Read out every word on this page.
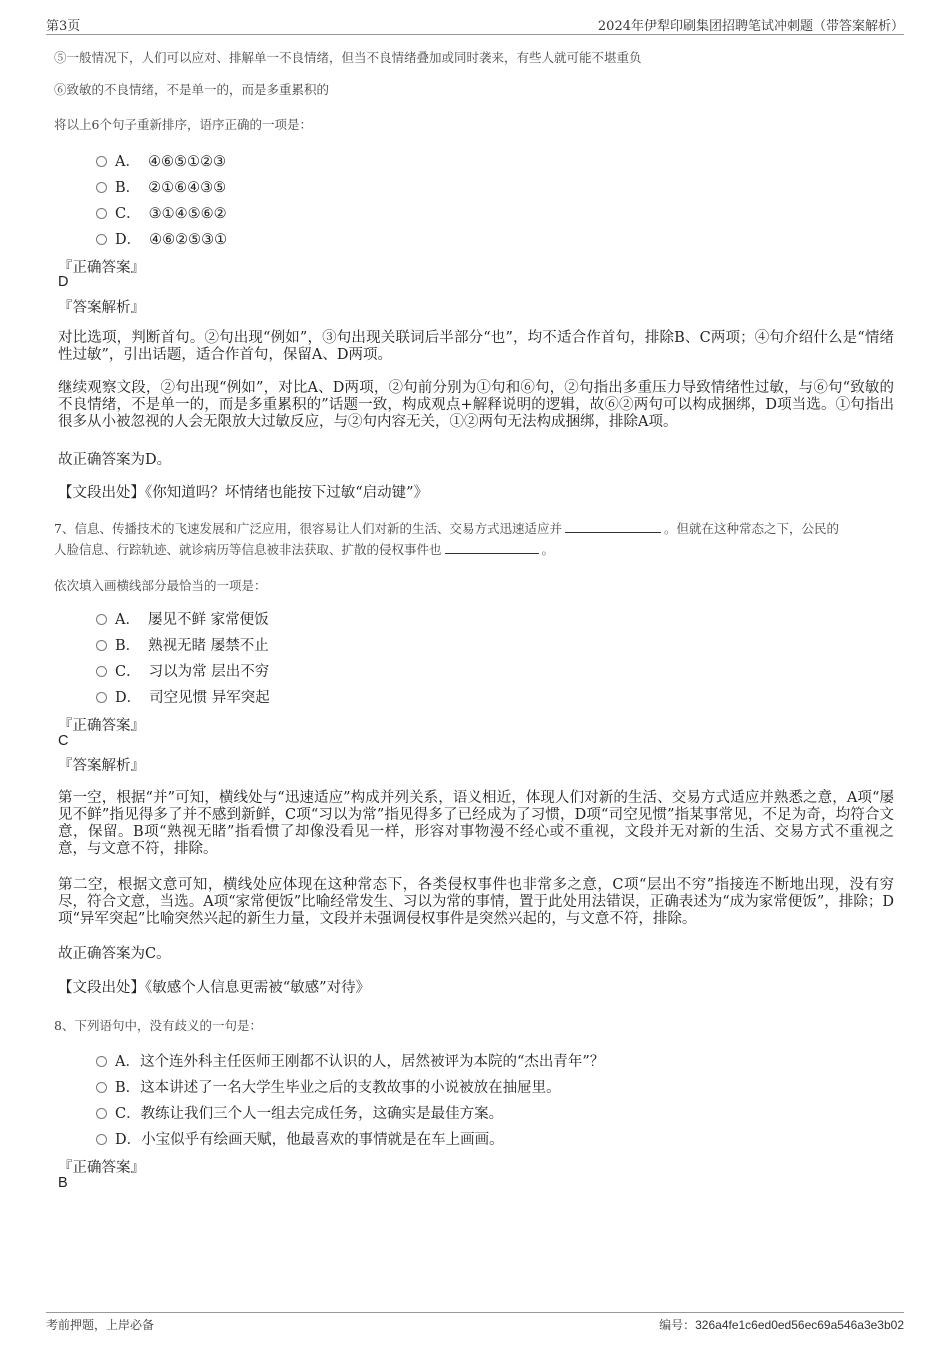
第3页	2024年伊犁印刷集团招聘笔试冲刺题（带答案解析）
⑤一般情况下，人们可以应对、排解单一不良情绪，但当不良情绪叠加或同时袭来，有些人就可能不堪重负
⑥致敏的不良情绪，不是单一的，而是多重累积的
将以上6个句子重新排序，语序正确的一项是：
A． ④⑥⑤①②③
B． ②①⑥④③⑤
C． ③①④⑤⑥②
D． ④⑥②⑤③①
『正确答案』
D
『答案解析』
对比选项，判断首句。②句出现“例如”，③句出现关联词后半部分“也”，均不适合作首句，排除B、C两项；④句介绍什么是“情绪性过敏”，引出话题，适合作首句，保留A、D两项。
继续观察文段，②句出现“例如”，对比A、D两项，②句前分别为①句和⑥句，②句指出多重压力导致情绪性过敏，与⑥句“致敏的不良情绪，不是单一的，而是多重累积的”话题一致，构成观点+解释说明的逻辑，故⑥②两句可以构成捆绑，D项当选。①句指出很多从小被忽视的人会无限放大过敏反应，与②句内容无关，①②两句无法构成捆绑，排除A项。
故正确答案为D。
【文段出处】《你知道吗？坏情绪也能按下过敏“启动键”》
7、信息、传播技术的飞速发展和广泛应用，很容易让人们对新的生活、交易方式迅速适应并	。但就在这种常态之下，公民的
人脸信息、行踪轨迹、就诊病历等信息被非法获取、扩散的侵权事件也	。
依次填入画横线部分最恰当的一项是：
A． 屡见不鲜 家常便饭
B． 熟视无睹 屡禁不止
C． 习以为常 层出不穷
D． 司空见惯 异军突起
『正确答案』
C
『答案解析』
第一空，根据“并”可知，横线处与“迅速适应”构成并列关系，语义相近，体现人们对新的生活、交易方式适应并熟悉之意，A项“屡见不鲜”指见得多了并不感到新鲜，C项“习以为常”指见得多了已经成为了习惯，D项“司空见惯”指某事常见，不足为奇，均符合文意，保留。B项“熟视无睹”指看惯了却像没看见一样，形容对事物漫不经心或不重视，文段并无对新的生活、交易方式不重视之意，与文意不符，排除。
第二空，根据文意可知，横线处应体现在这种常态下，各类侵权事件也非常多之意，C项“层出不穷”指接连不断地出现，没有穷尽，符合文意，当选。A项“家常便饭”比喻经常发生、习以为常的事情，置于此处用法错误，正确表述为“成为家常便饭”，排除；D项“异军突起”比喻突然兴起的新生力量，文段并未强调侵权事件是突然兴起的，与文意不符，排除。
故正确答案为C。
【文段出处】《敏感个人信息更需被“敏感”对待》
8、下列语句中，没有歧义的一句是：
A．这个连外科主任医师王刚都不认识的人，居然被评为本院的“杰出青年”？
B．这本讲述了一名大学生毕业之后的支教故事的小说被放在抽屉里。
C．教练让我们三个人一组去完成任务，这确实是最佳方案。
D．小宝似乎有绘画天赋，他最喜欢的事情就是在车上画画。
『正确答案』
B
考前押题，上岸必备	编号：326a4fe1c6ed0ed56ec69a546a3e3b02
